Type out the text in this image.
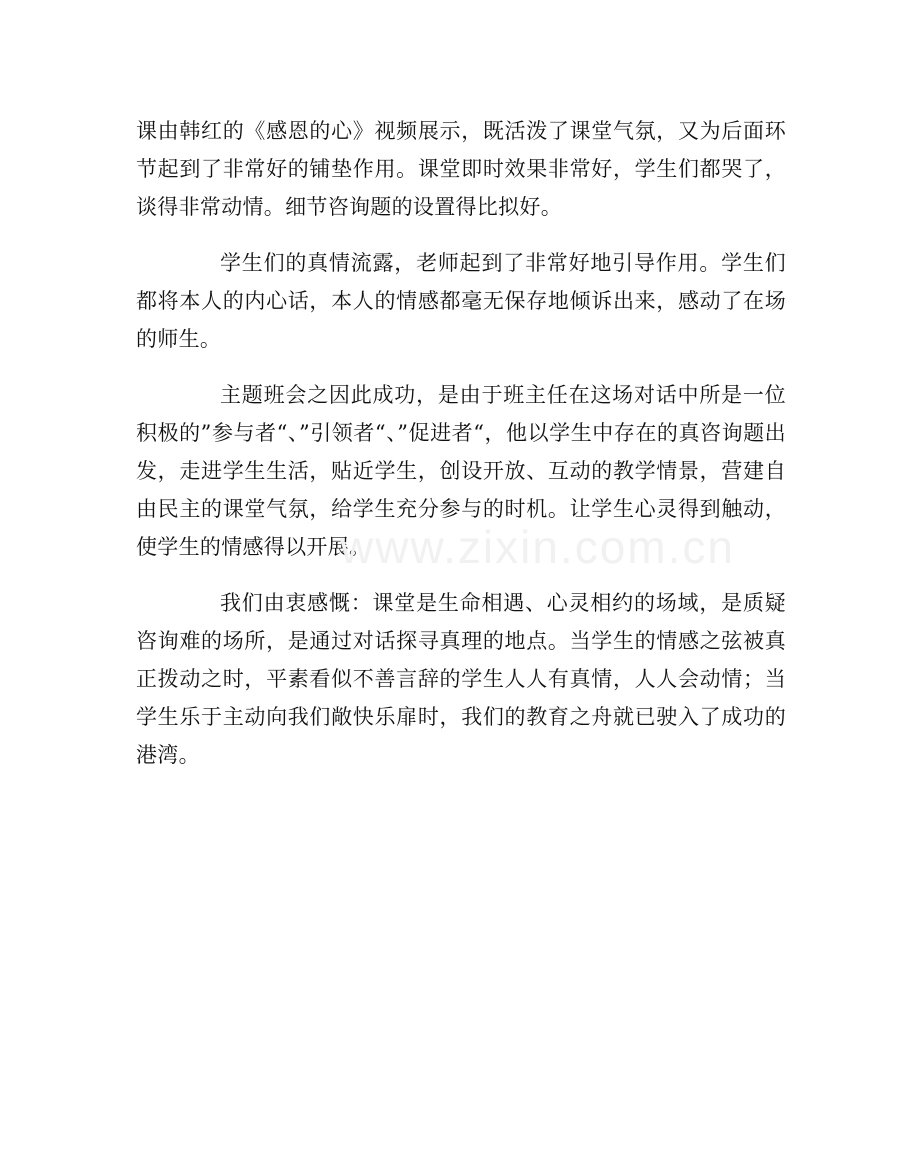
课由韩红的《感恩的心》视频展示，既活泼了课堂气氛，又为后面环节起到了非常好的铺垫作用。课堂即时效果非常好，学生们都哭了，谈得非常动情。细节咨询题的设置得比拟好。

学生们的真情流露，老师起到了非常好地引导作用。学生们都将本人的内心话，本人的情感都毫无保存地倾诉出来，感动了在场的师生。

主题班会之因此成功，是由于班主任在这场对话中所是一位积极的”参与者“、”引领者“、”促进者“，他以学生中存在的真咨询题出发，走进学生生活，贴近学生，创设开放、互动的教学情景，营建自由民主的课堂气氛，给学生充分参与的时机。让学生心灵得到触动，使学生的情感得以开展。

我们由衷感慨：课堂是生命相遇、心灵相约的场域，是质疑咨询难的场所，是通过对话探寻真理的地点。当学生的情感之弦被真正拨动之时，平素看似不善言辞的学生人人有真情，人人会动情；当学生乐于主动向我们敞快乐扉时，我们的教育之舟就已驶入了成功的港湾。

www.zixin.com.cn
